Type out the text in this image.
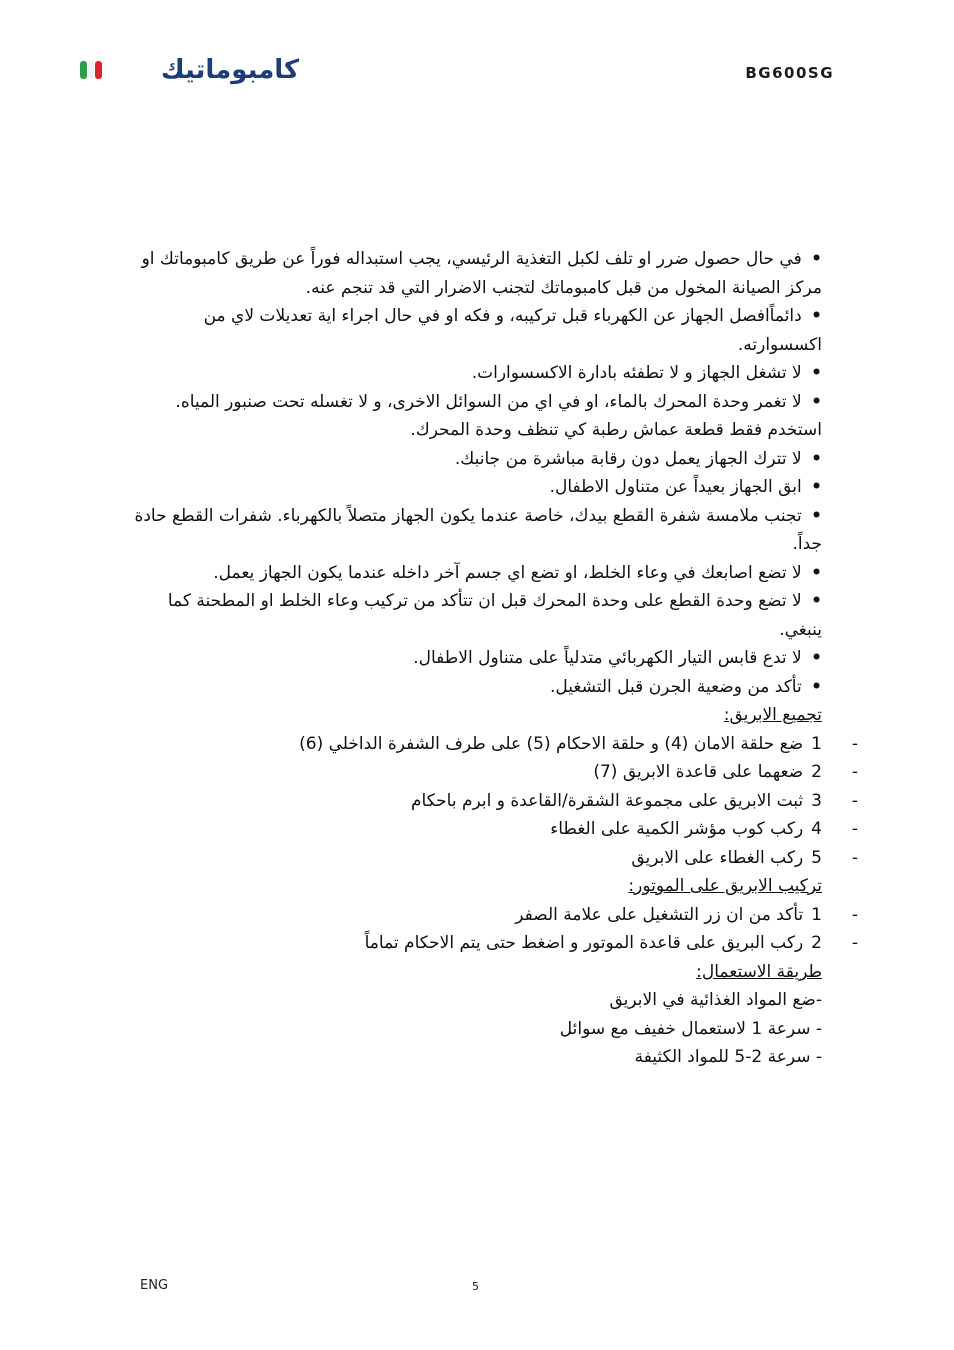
كامبوماتيك	BG600SG

• في حال حصول ضرر او تلف لكبل التغذية الرئيسي، يجب استبداله فوراً عن طريق كامبوماتك او مركز الصيانة المخول من قبل كامبوماتك لتجنب الاضرار التي قد تنجم عنه.

• دائماًافصل الجهاز عن الكهرباء قبل تركيبه، و فكه او في حال اجراء اية تعديلات لاي من اكسسوارته.

• لا تشغل الجهاز و لا تطفئه بادارة الاكسسوارات.

• لا تغمر وحدة المحرك بالماء، او في اي من السوائل الاخرى، و لا تغسله تحت صنبور المياه. استخدم فقط قطعة عماش رطبة كي تنظف وحدة المحرك.

• لا تترك الجهاز يعمل دون رقابة مباشرة من جانبك.

• ابق الجهاز بعيداً عن متناول الاطفال.

• تجنب ملامسة شفرة القطع بيدك، خاصة عندما يكون الجهاز متصلاً بالكهرباء. شفرات القطع حادة جداً.

• لا تضع اصابعك في وعاء الخلط، او تضع اي جسم آخر داخله عندما يكون الجهاز يعمل.

• لا تضع وحدة القطع على وحدة المحرك قبل ان تتأكد من تركيب وعاء الخلط او المطحنة كما ينبغي.

• لا تدع قابس التيار الكهربائي متدلياً على متناول الاطفال.

• تأكد من وضعية الجرن قبل التشغيل.

تجميع الابريق:

-
1ضع حلقة الامان (4) و حلقة الاحكام (5) على طرف الشفرة الداخلي (6)

-
2ضعهما على قاعدة الابريق (7)

-
3ثبت الابريق على مجموعة الشقرة/القاعدة و ابرم باحكام

-
4ركب كوب مؤشر الكمية على الغطاء

-
5ركب الغطاء على الابريق

تركيب الابريق على الموتور:

-
1تأكد من ان زر التشغيل على علامة الصفر

-
2ركب البريق على قاعدة الموتور و اضغط حتى يتم الاحكام تماماً

طريقة الاستعمال:

-ضع المواد الغذائية في الابريق

- سرعة 1 لاستعمال خفيف مع سوائل

- سرعة 2-5 للمواد الكثيفة

ENG	5
